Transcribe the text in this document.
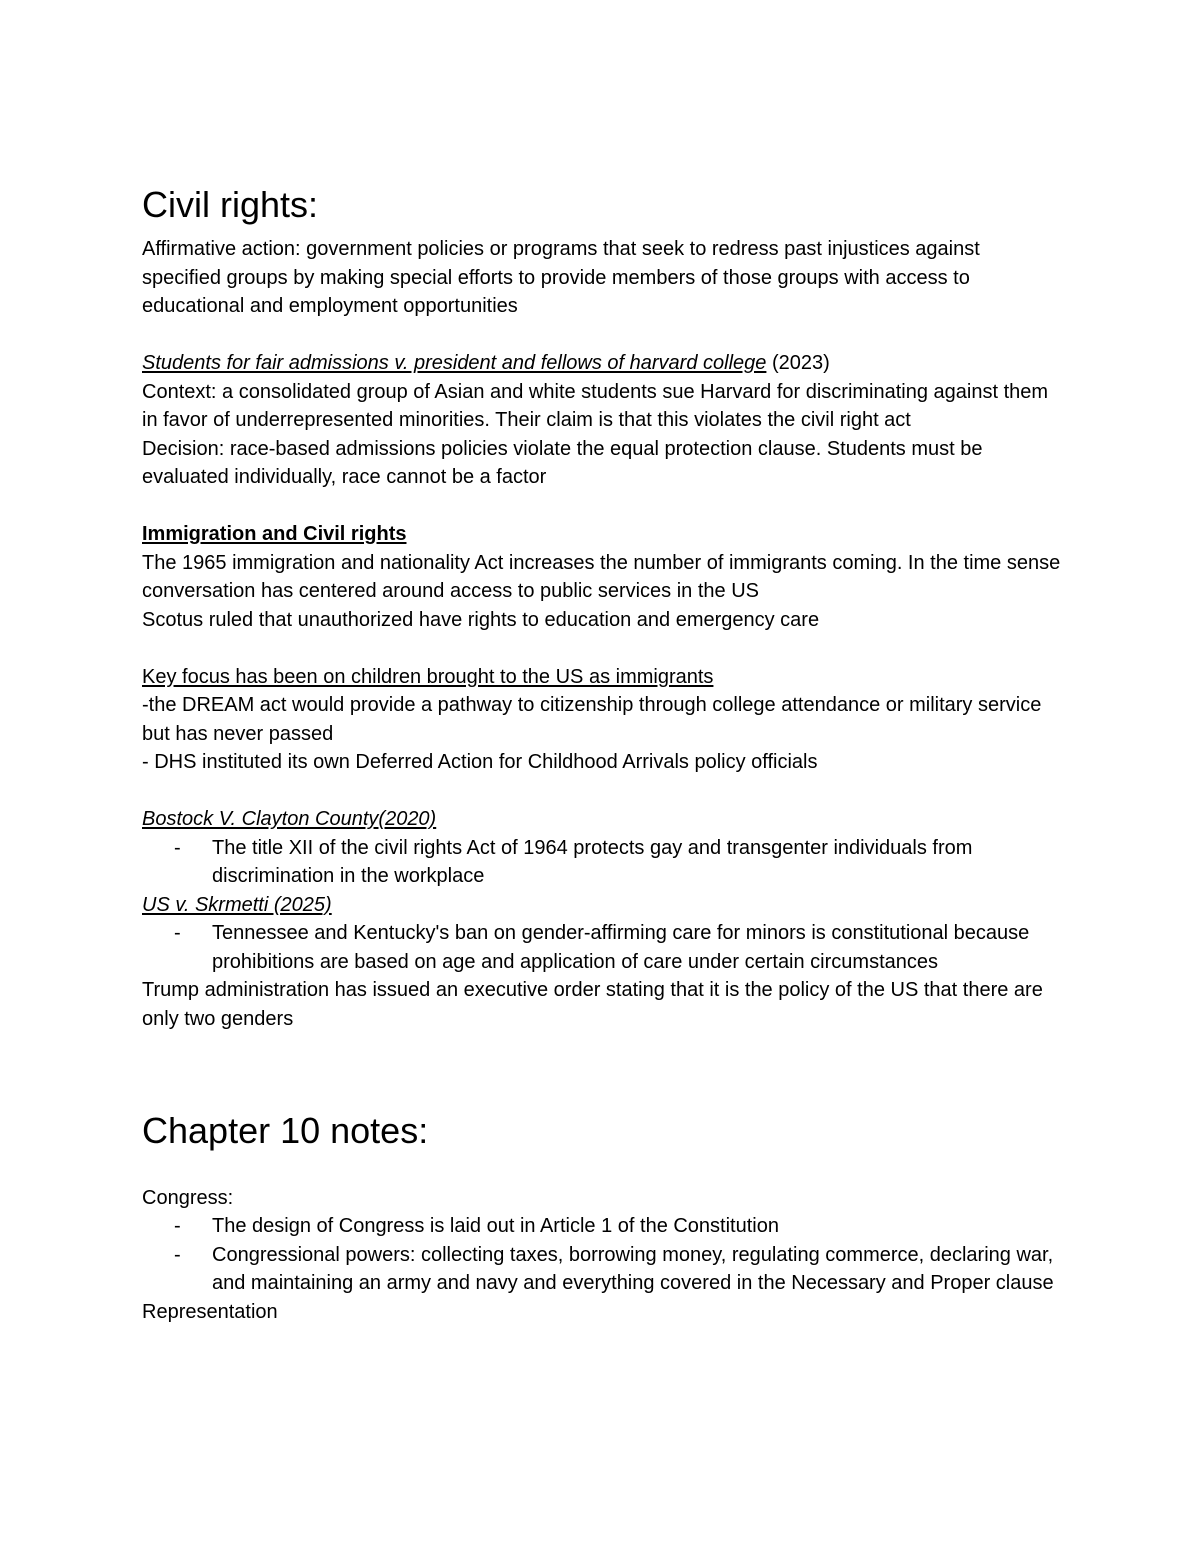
Civil rights:

Affirmative action: government policies or programs that seek to redress past injustices against specified groups by making special efforts to provide members of those groups with access to educational and employment opportunities

Students for fair admissions v. president and fellows of harvard college (2023)

Context: a consolidated group of Asian and white students sue Harvard for discriminating against them in favor of underrepresented minorities. Their claim is that this violates the civil right act

Decision: race-based admissions policies violate the equal protection clause. Students must be evaluated individually, race cannot be a factor

Immigration and Civil rights

The 1965 immigration and nationality Act increases the number of immigrants coming. In the time sense conversation has centered around access to public services in the US

Scotus ruled that unauthorized have rights to education and emergency care

Key focus has been on children brought to the US as immigrants

-the DREAM act would provide a pathway to citizenship through college attendance or military service but has never passed

- DHS instituted its own Deferred Action for Childhood Arrivals policy officials

Bostock V. Clayton County(2020)

- The title XII of the civil rights Act of 1964 protects gay and transgenter individuals from discrimination in the workplace

US v. Skrmetti (2025)

- Tennessee and Kentucky's ban on gender-affirming care for minors is constitutional because prohibitions are based on age and application of care under certain circumstances

Trump administration has issued an executive order stating that it is the policy of the US that there are only two genders

Chapter 10 notes:

Congress:

- The design of Congress is laid out in Article 1 of the Constitution
- Congressional powers: collecting taxes, borrowing money, regulating commerce, declaring war, and maintaining an army and navy and everything covered in the Necessary and Proper clause

Representation
